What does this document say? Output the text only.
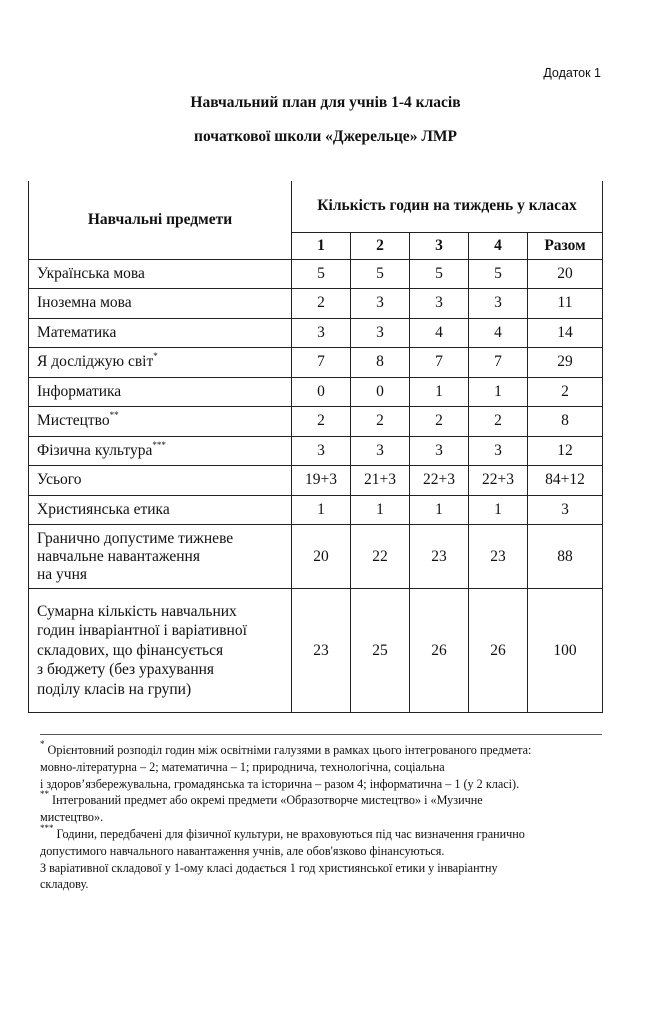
Додаток 1
Навчальний план для учнів 1-4 класів
початкової школи «Джерельце» ЛМР
Навчальні предмети	Кількість годин на тиждень у класах				
	1	2	3	4	Разом
Українська мова	5	5	5	5	20
Іноземна мова	2	3	3	3	11
Математика	3	3	4	4	14
Я досліджую світ*	7	8	7	7	29
Інформатика	0	0	1	1	2
Мистецтво**	2	2	2	2	8
Фізична культура***	3	3	3	3	12
Усього	19+3	21+3	22+3	22+3	84+12
Християнська етика	1	1	1	1	3

Гранично допустиме тижневе
навчальне навантаження
на учня	20	22	23	23	88

Сумарна кількість навчальних
годин інваріантної і варіативної
складових, що фінансується
з бюджету (без урахування
поділу класів на групи)	23	25	26	26	100

* Орієнтовний розподіл годин між освітніми галузями в рамках цього інтегрованого предмета:

мовно-літературна – 2; математична – 1; природнича, технологічна, соціальна

і здоров’язбережувальна, громадянська та історична – разом 4; інформатична – 1 (у 2 класі).

** Інтегрований предмет або окремі предмети «Образотворче мистецтво» і «Музичне

мистецтво».

*** Години, передбачені для фізичної культури, не враховуються під час визначення гранично

допустимого навчального навантаження учнів, але обов'язково фінансуються.

З варіативної складової у 1-ому класі додається 1 год християнської етики у інваріантну

складову.
